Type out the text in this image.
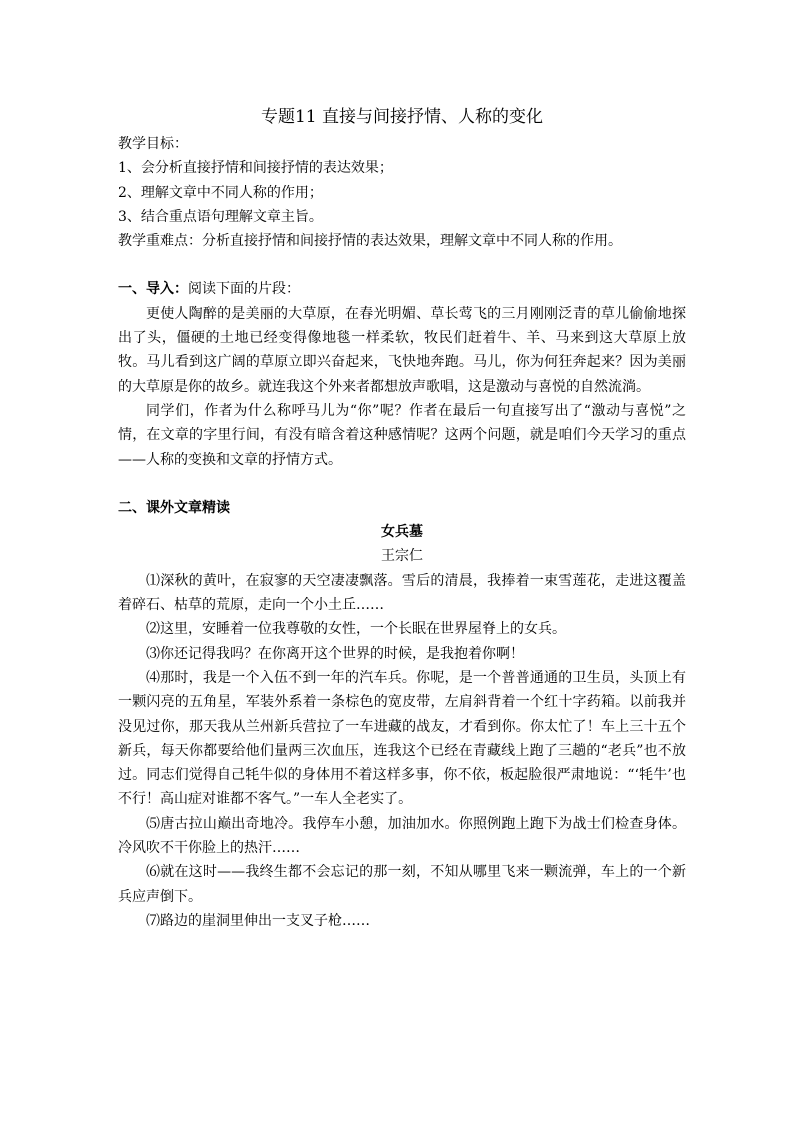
专题11 直接与间接抒情、人称的变化

教学目标：

1、会分析直接抒情和间接抒情的表达效果；

2、理解文章中不同人称的作用；

3、结合重点语句理解文章主旨。

教学重难点：分析直接抒情和间接抒情的表达效果，理解文章中不同人称的作用。

一、导入：阅读下面的片段：

更使人陶醉的是美丽的大草原，在春光明媚、草长莺飞的三月刚刚泛青的草儿偷偷地探出了头，僵硬的土地已经变得像地毯一样柔软，牧民们赶着牛、羊、马来到这大草原上放牧。马儿看到这广阔的草原立即兴奋起来，飞快地奔跑。马儿，你为何狂奔起来？因为美丽的大草原是你的故乡。就连我这个外来者都想放声歌唱，这是激动与喜悦的自然流淌。

同学们，作者为什么称呼马儿为“你”呢？作者在最后一句直接写出了“激动与喜悦”之情，在文章的字里行间，有没有暗含着这种感情呢？这两个问题，就是咱们今天学习的重点——人称的变换和文章的抒情方式。

二、课外文章精读

女兵墓

王宗仁

⑴深秋的黄叶，在寂寥的天空凄凄飘落。雪后的清晨，我捧着一束雪莲花，走进这覆盖着碎石、枯草的荒原，走向一个小土丘……

⑵这里，安睡着一位我尊敬的女性，一个长眠在世界屋脊上的女兵。

⑶你还记得我吗？在你离开这个世界的时候，是我抱着你啊！

⑷那时，我是一个入伍不到一年的汽车兵。你呢，是一个普普通通的卫生员，头顶上有一颗闪亮的五角星，军装外系着一条棕色的宽皮带，左肩斜背着一个红十字药箱。以前我并没见过你，那天我从兰州新兵营拉了一车进藏的战友，才看到你。你太忙了！车上三十五个新兵，每天你都要给他们量两三次血压，连我这个已经在青藏线上跑了三趟的“老兵”也不放过。同志们觉得自己牦牛似的身体用不着这样多事，你不依，板起脸很严肃地说：“‘牦牛’也不行！高山症对谁都不客气。”一车人全老实了。

⑸唐古拉山巅出奇地冷。我停车小憩，加油加水。你照例跑上跑下为战士们检查身体。冷风吹不干你脸上的热汗……

⑹就在这时——我终生都不会忘记的那一刻，不知从哪里飞来一颗流弹，车上的一个新兵应声倒下。

⑺路边的崖洞里伸出一支叉子枪……
